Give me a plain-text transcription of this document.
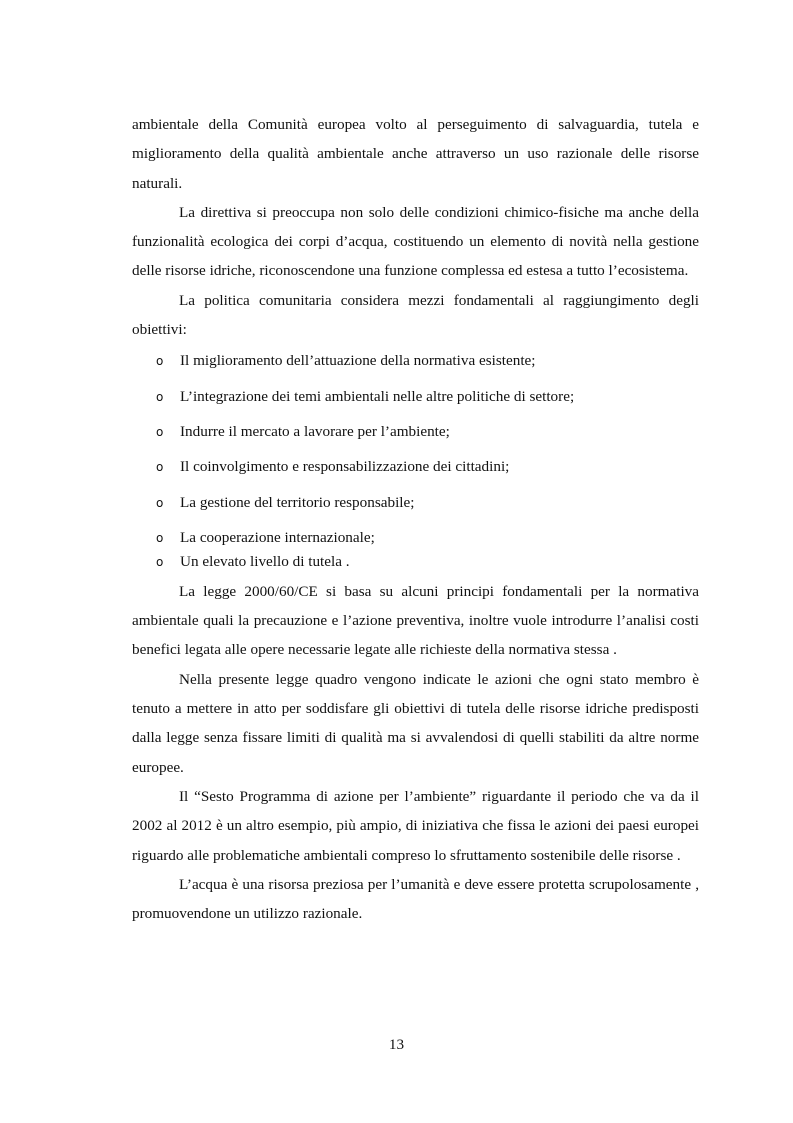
ambientale della Comunità europea volto al perseguimento di salvaguardia, tutela e miglioramento della qualità ambientale anche attraverso un uso razionale delle risorse naturali.

La direttiva si preoccupa non solo delle condizioni chimico-fisiche ma anche della funzionalità ecologica dei corpi d’acqua, costituendo un elemento di novità nella gestione delle risorse idriche, riconoscendone una funzione complessa ed estesa a tutto l’ecosistema.

La politica comunitaria considera mezzi fondamentali al raggiungimento degli obiettivi:

o Il miglioramento dell’attuazione della normativa esistente;
o L’integrazione dei temi ambientali nelle altre politiche di settore;
o Indurre il mercato a lavorare per l’ambiente;
o Il coinvolgimento e responsabilizzazione dei cittadini;
o La gestione del territorio responsabile;
o La cooperazione internazionale;
o Un elevato livello di tutela .

La legge 2000/60/CE si basa su alcuni principi fondamentali per la normativa ambientale quali la precauzione e l’azione preventiva, inoltre vuole introdurre l’analisi costi benefici legata alle opere necessarie legate alle richieste della normativa stessa .

Nella presente legge quadro vengono indicate le azioni che ogni stato membro è tenuto a mettere in atto per soddisfare gli obiettivi di tutela delle risorse idriche predisposti dalla legge senza fissare limiti di qualità ma si avvalendosi di quelli stabiliti da altre norme europee.

Il “Sesto Programma di azione per l’ambiente” riguardante il periodo che va da il 2002 al 2012 è un altro esempio, più ampio, di iniziativa che fissa le azioni dei paesi europei riguardo alle problematiche ambientali compreso lo sfruttamento sostenibile delle risorse .

L’acqua è una risorsa preziosa per l’umanità e deve essere protetta scrupolosamente , promuovendone un utilizzo razionale.

13
